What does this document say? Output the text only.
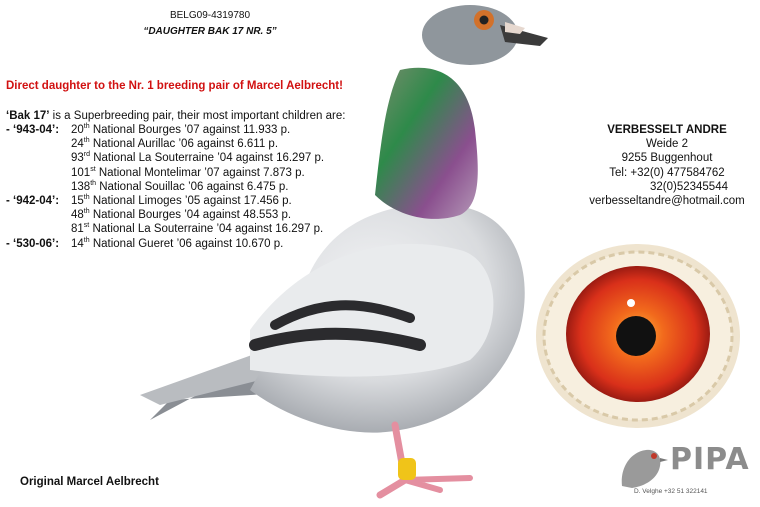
BELG09-4319780
“DAUGHTER BAK 17 NR. 5”
Direct daughter to the Nr. 1 breeding pair of Marcel Aelbrecht!
‘Bak 17’ is a Superbreeding pair, their most important children are:
- ‘943-04’:	20th National Bourges ’07 against 11.933 p.
24th National Aurillac ’06 against 6.611 p.
93rd National La Souterraine ’04 against 16.297 p.
101st National Montelimar ’07 against 7.873 p.
138th National Souillac ’06 against 6.475 p.
- ‘942-04’:	15th National Limoges ’05 against 17.456 p.
48th National Bourges ’04 against 48.553 p.
81st National La Souterraine ’04 against 16.297 p.
- ‘530-06’:	14th National Gueret ’06 against 10.670 p.
VERBESSELT ANDRE
Weide 2
9255 Buggenhout
Tel: +32(0) 477584762
32(0)52345544
verbesseltandre@hotmail.com
Original Marcel Aelbrecht
PIPA
D. Velghe +32 51 322141
